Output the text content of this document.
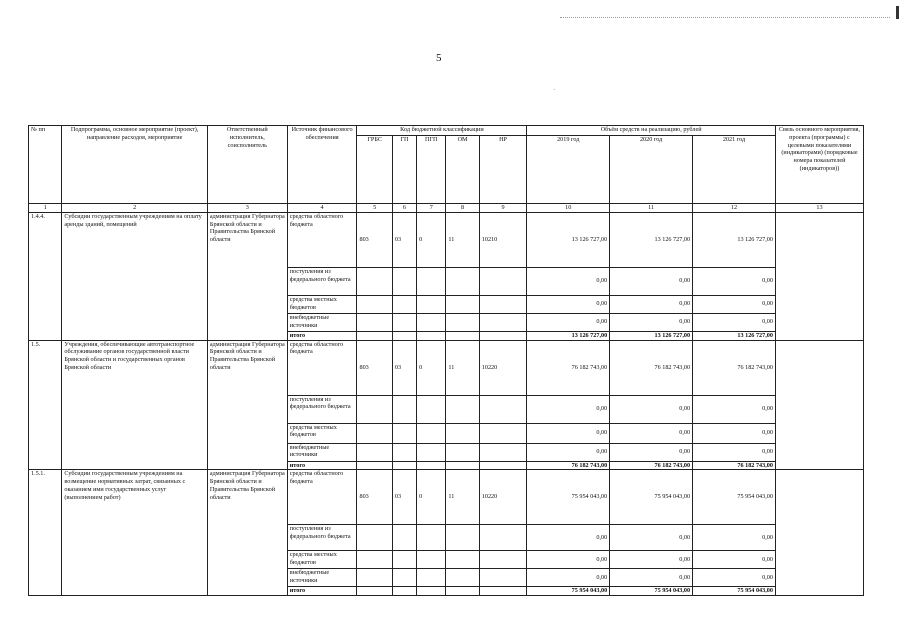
5
·
№ пп	Подпрограмма, основное мероприятие (проект), направление расходов, мероприятие	Ответственный исполнитель, соисполнитель	Источник финансового обеспечения	Код бюджетной классификации					Объём средств на реализацию, рублей			Связь основного мероприятия, проекта (программы) с целевыми показателями (индикаторами) (порядковые номера показателей (индикаторов))
				ГРБС	ГП	ПГП	ОМ	НР	2019 год	2020 год	2021 год	
1	2	3	4	5	6	7	8	9	10	11	12	13
1.4.4.	Субсидии государственным учреждениям на оплату аренды зданий, помещений	администрация Губернатора Брянской области и Правительства Брянской области	средства областного бюджета	803	03	0	11	10210	13 126 727,00	13 126 727,00	13 126 727,00	
			поступления из федерального бюджета						0,00	0,00	0,00	
			средства местных бюджетов						0,00	0,00	0,00	
			внебюджетные источники						0,00	0,00	0,00	
			итого						13 126 727,00	13 126 727,00	13 126 727,00	
1.5.	Учреждения, обеспечивающие автотранспортное обслуживание органов государственной власти Брянской области и государственных органов Брянской области	администрация Губернатора Брянской области и Правительства Брянской области	средства областного бюджета	803	03	0	11	10220	76 182 743,00	76 182 743,00	76 182 743,00	
			поступления из федерального бюджета						0,00	0,00	0,00	
			средства местных бюджетов						0,00	0,00	0,00	
			внебюджетные источники						0,00	0,00	0,00	
			итого						76 182 743,00	76 182 743,00	76 182 743,00	
1.5.1.	Субсидии государственным учреждениям на возмещение нормативных затрат, связанных с оказанием ими государственных услуг (выполнением работ)	администрация Губернатора Брянской области и Правительства Брянской области	средства областного бюджета	803	03	0	11	10220	75 954 043,00	75 954 043,00	75 954 043,00	
			поступления из федерального бюджета						0,00	0,00	0,00	
			средства местных бюджетов						0,00	0,00	0,00	
			внебюджетные источники						0,00	0,00	0,00	
			итого						75 954 043,00	75 954 043,00	75 954 043,00	
